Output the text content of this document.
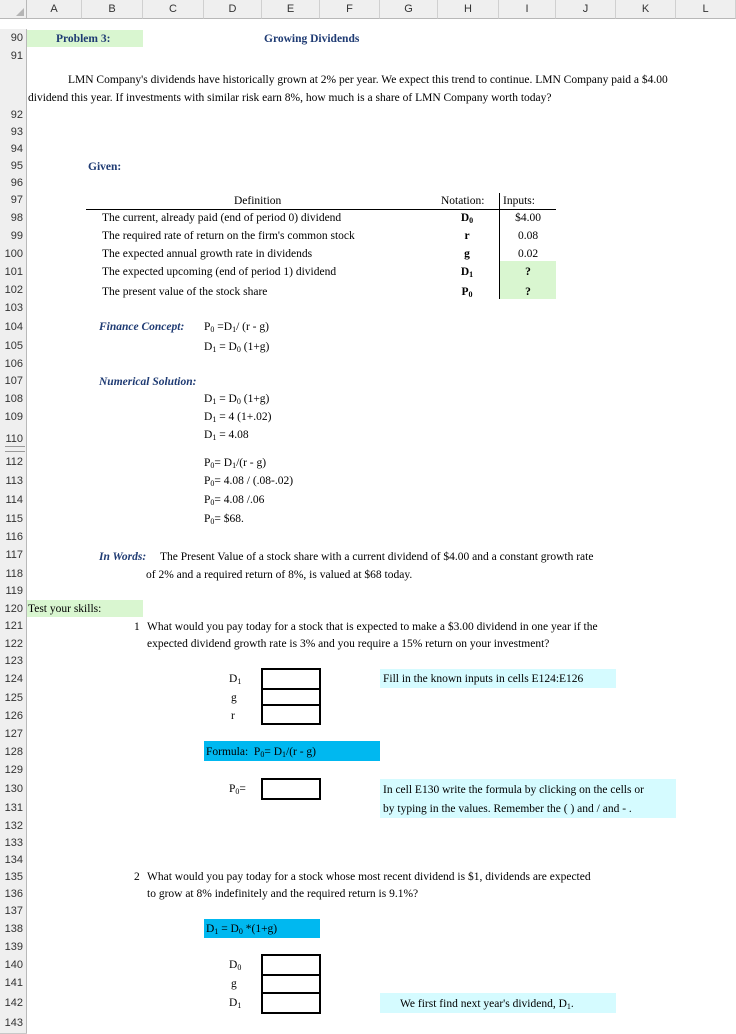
A	B	C	D	E	F	G	H	I	J	K	L
90
91
92
93
94
95
96
97
98
99
100
101
102
103
104
105
106
107
108
109
110
112
113
114
115
116
117
118
119
120
121
122
123
124
125
126
127
128
129
130
131
132
133
134
135
136
137
138
139
140
141
142
143
Problem 3:	Growing Dividends
LMN Company's dividends have historically grown at 2% per year. We expect this trend to continue. LMN Company paid a $4.00 dividend this year. If investments with similar risk earn 8%, how much is a share of LMN Company worth today?
Given:
Definition	Notation: Inputs:
The current, already paid (end of period 0) dividend	$D_0$	$4.00
The required rate of return on the firm's common stock	r	0.08
The expected annual growth rate in dividends	g	0.02
The expected upcoming (end of period 1) dividend	$D_1$	?
The present value of the stock share	$P_0$	?
Finance Concept: $P_0 =D_1/$ (r - g)
$D_1 = D_0$ (1+g)
Numerical Solution:
$D_1 = D_0$ (1+g)
$D_1 = 4$ (1+.02)
$D_1 = 4.08$
$P_0= D_1/(r - g)$
$P_0= 4.08 / (.08-.02)$
$P_0= 4.08$ /.06
$P_0=$ $68.
In Words: The Present Value of a stock share with a current dividend of $4.00 and a constant growth rate
of 2% and a required return of 8%, is valued at $68 today.
Test your skills:
1 What would you pay today for a stock that is expected to make a $3.00 dividend in one year if the
expected dividend growth rate is 3% and you require a 15% return on your investment?
$D_1$
g
r
Fill in the known inputs in cells E124:E126
Formula: $P_0= D_1/(r - g)$
$P_0=$	In cell E130 write the formula by clicking on the cells or
by typing in the values. Remember the ( ) and / and - .
2 What would you pay today for a stock whose most recent dividend is $1, dividends are expected
to grow at 8% indefinitely and the required return is 9.1%?
$D_1 = D_0$ *(1+g)
$D_0$
g
$D_1$	We first find next year's dividend, $D_1$.
